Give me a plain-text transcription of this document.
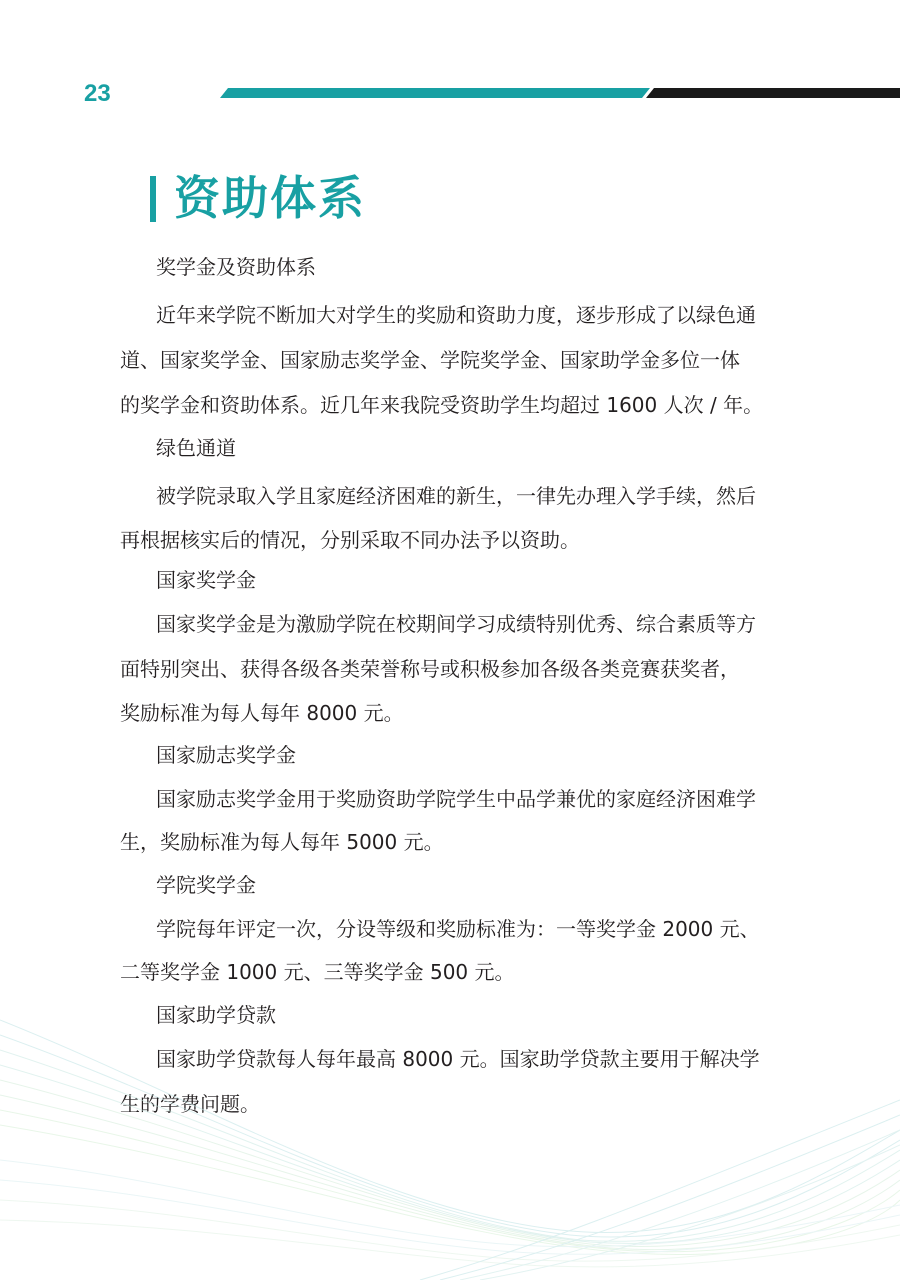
23
资助体系
奖学金及资助体系
近年来学院不断加大对学生的奖励和资助力度，逐步形成了以绿色通
道、国家奖学金、国家励志奖学金、学院奖学金、国家助学金多位一体
的奖学金和资助体系。近几年来我院受资助学生均超过 1600 人次 / 年。
绿色通道
被学院录取入学且家庭经济困难的新生，一律先办理入学手续，然后
再根据核实后的情况，分别采取不同办法予以资助。
国家奖学金
国家奖学金是为激励学院在校期间学习成绩特别优秀、综合素质等方
面特别突出、获得各级各类荣誉称号或积极参加各级各类竞赛获奖者，
奖励标准为每人每年 8000 元。
国家励志奖学金
国家励志奖学金用于奖励资助学院学生中品学兼优的家庭经济困难学
生，奖励标准为每人每年 5000 元。
学院奖学金
学院每年评定一次，分设等级和奖励标准为：一等奖学金 2000 元、
二等奖学金 1000 元、三等奖学金 500 元。
国家助学贷款
国家助学贷款每人每年最高 8000 元。国家助学贷款主要用于解决学
生的学费问题。
